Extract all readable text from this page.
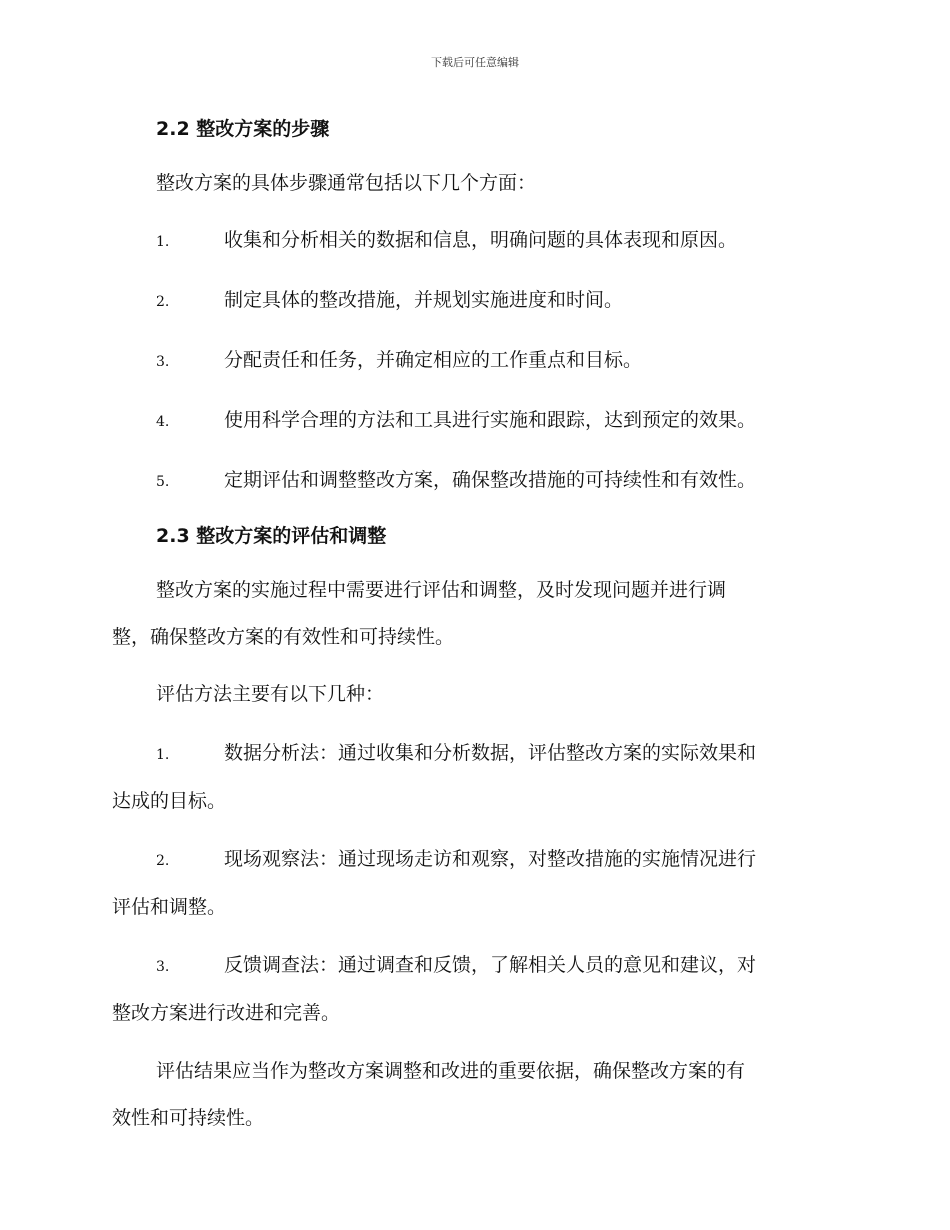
下载后可任意编辑
2.2 整改方案的步骤

整改方案的具体步骤通常包括以下几个方面：

1.	收集和分析相关的数据和信息，明确问题的具体表现和原因。
2.	制定具体的整改措施，并规划实施进度和时间。
3.	分配责任和任务，并确定相应的工作重点和目标。
4.	使用科学合理的方法和工具进行实施和跟踪，达到预定的效果。
5.	定期评估和调整整改方案，确保整改措施的可持续性和有效性。
2.3 整改方案的评估和调整

整改方案的实施过程中需要进行评估和调整，及时发现问题并进行调

整，确保整改方案的有效性和可持续性。

评估方法主要有以下几种：

1.	数据分析法：通过收集和分析数据，评估整改方案的实际效果和
达成的目标。
2.	现场观察法：通过现场走访和观察，对整改措施的实施情况进行
评估和调整。
3.	反馈调查法：通过调查和反馈，了解相关人员的意见和建议，对
整改方案进行改进和完善。

评估结果应当作为整改方案调整和改进的重要依据，确保整改方案的有

效性和可持续性。
